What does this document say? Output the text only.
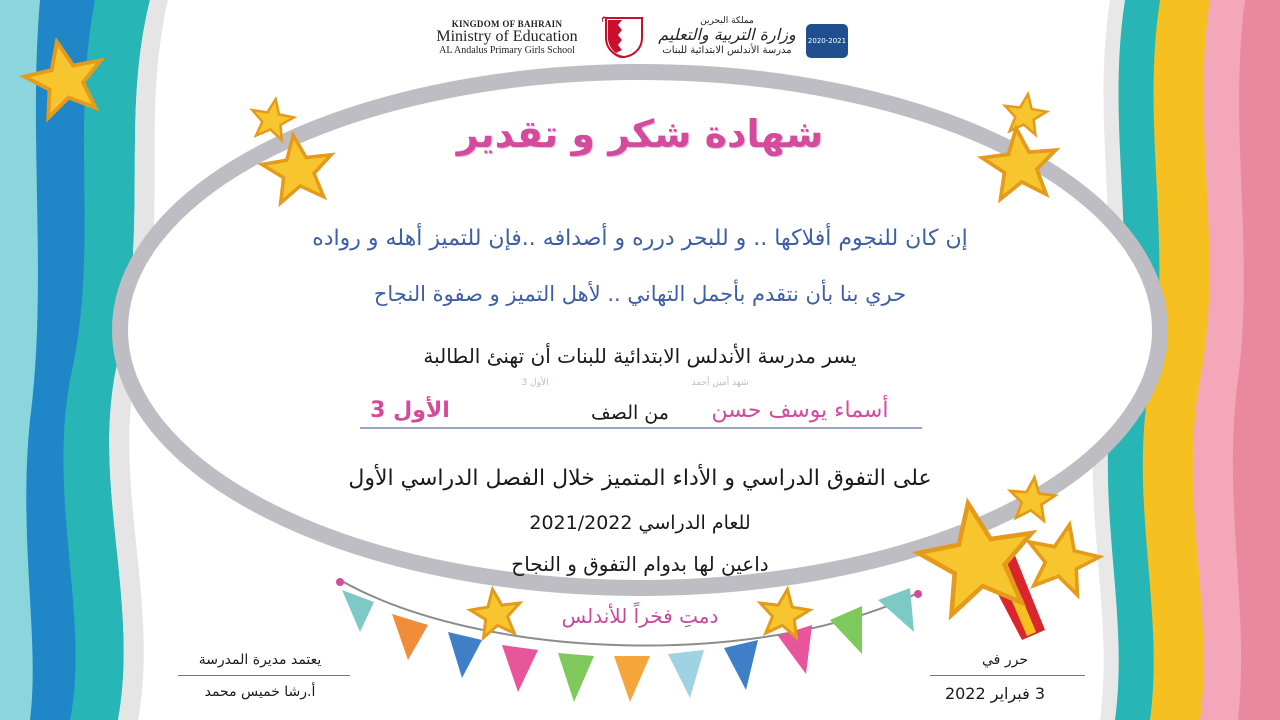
KINGDOM OF BAHRAIN
Ministry of Education
AL Andalus Primary Girls School
مملكة البحرين
وزارة التربية والتعليم
مدرسة الأندلس الابتدائية للبنات
2020-2021
شهادة شكر و تقدير
إن كان للنجوم أفلاكها .. و للبحر درره و أصدافه ..فإن للتميز أهله و رواده
حري بنا بأن نتقدم بأجمل التهاني .. لأهل التميز و صفوة النجاح
يسر مدرسة الأندلس الابتدائية للبنات أن تهنئ الطالبة
شهد أمين أحمد
الأول 3
أسماء يوسف حسن
من الصف
الأول 3
على التفوق الدراسي و الأداء المتميز خلال الفصل الدراسي الأول
للعام الدراسي 2021/2022
داعين لها بدوام التفوق و النجاح
دمتِ فخراً للأندلس
يعتمد مديرة المدرسة
أ.رشا خميس محمد
حرر في
3 فبراير 2022
